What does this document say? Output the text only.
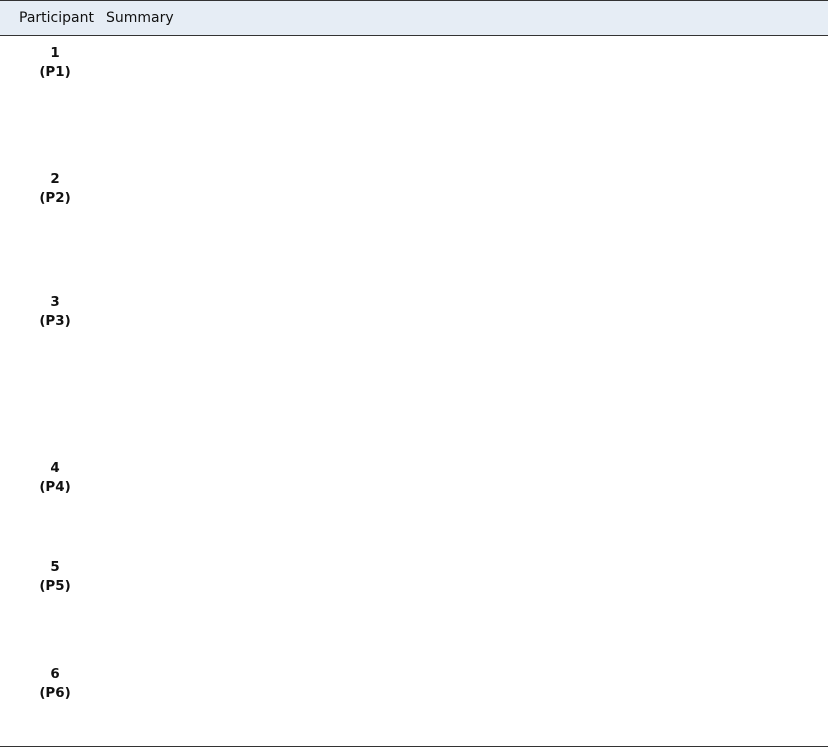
Participant Summary
1
(P1)
2
(P2)
3
(P3)
4
(P4)
5
(P5)
6
(P6)
